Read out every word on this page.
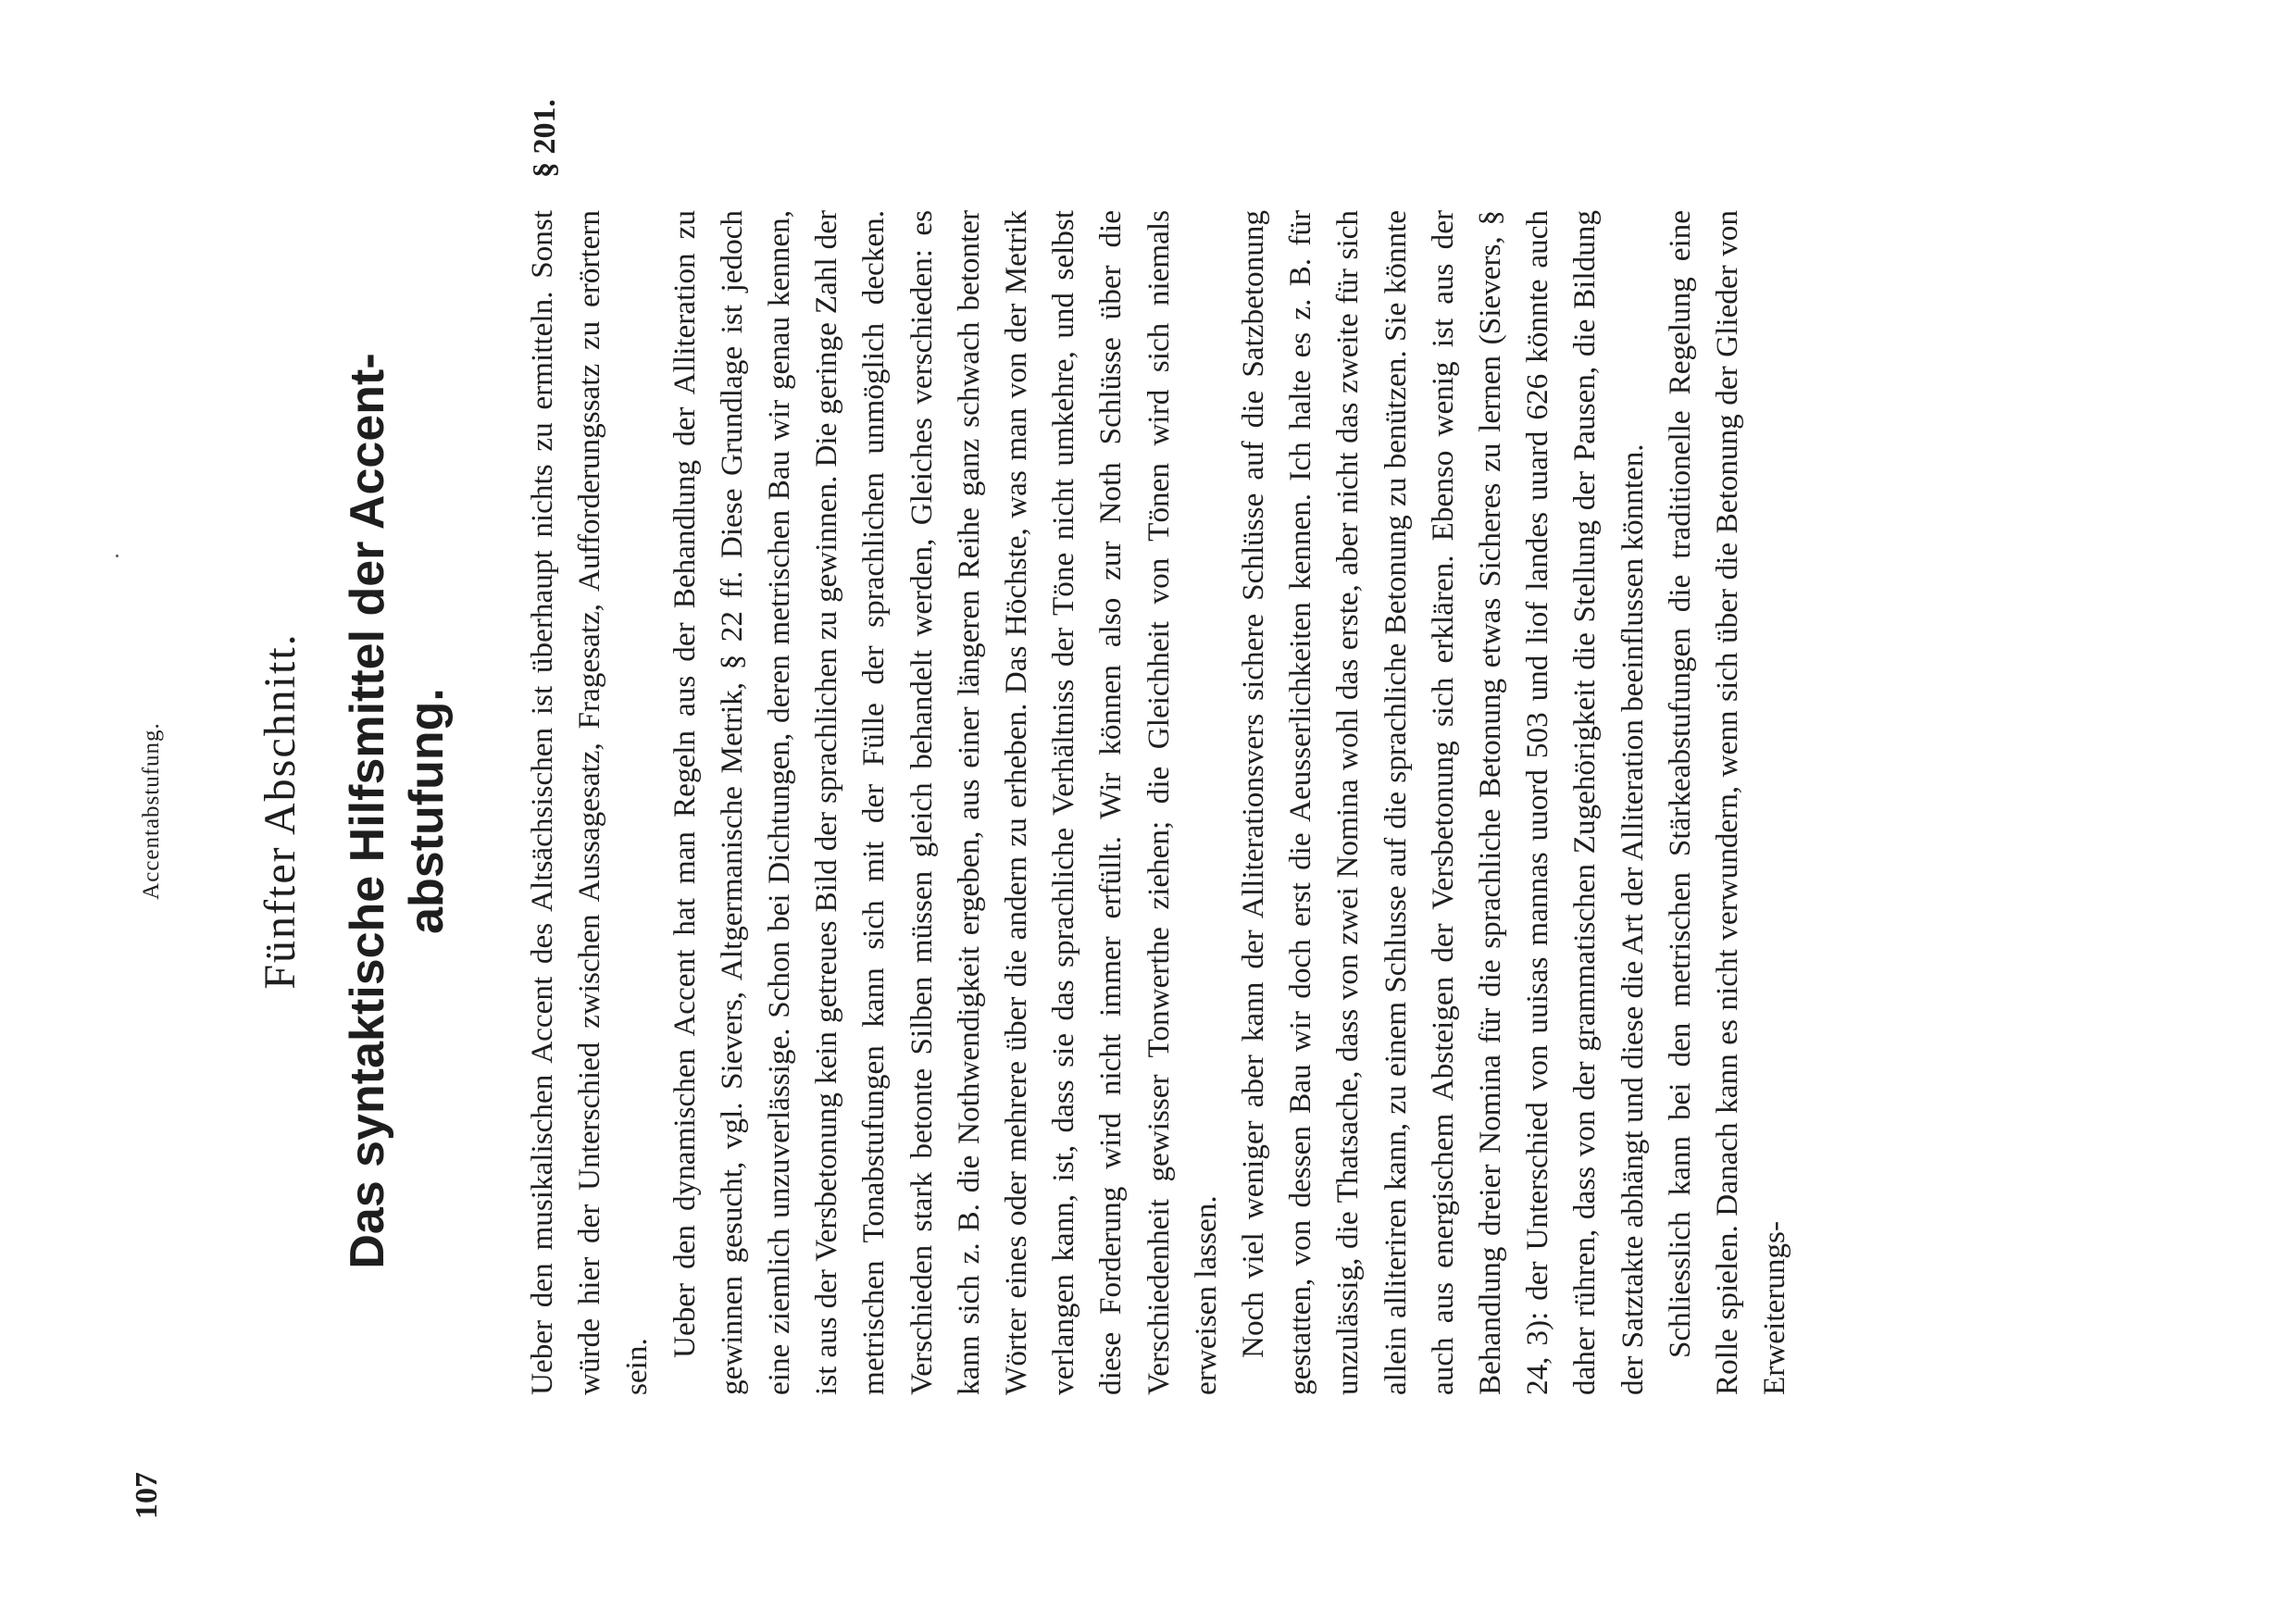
Accentabstufung.
107
Fünfter Abschnitt. Das syntaktische Hilfsmittel der Accent- abstufung.
§ 201.

Ueber den musikalischen Accent des Altsächsischen ist überhaupt nichts zu ermitteln. Sonst würde hier der Unterschied zwischen Aussagesatz, Fragesatz, Aufforderungssatz zu erörtern sein.

Ueber den dynamischen Accent hat man Regeln aus der Behandlung der Alliteration zu gewinnen gesucht, vgl. Sievers, Altgermanische Metrik, § 22 ff. Diese Grundlage ist jedoch eine ziemlich unzuverlässige. Schon bei Dichtungen, deren metrischen Bau wir genau kennen, ist aus der Versbetonung kein getreues Bild der sprachlichen zu gewinnen. Die geringe Zahl der metrischen Tonabstufungen kann sich mit der Fülle der sprachlichen unmöglich decken. Verschieden stark betonte Silben müssen gleich behandelt werden, Gleiches verschieden: es kann sich z. B. die Nothwendigkeit ergeben, aus einer längeren Reihe ganz schwach betonter Wörter eines oder mehrere über die andern zu erheben. Das Höchste, was man von der Metrik verlangen kann, ist, dass sie das sprachliche Verhältniss der Töne nicht umkehre, und selbst diese Forderung wird nicht immer erfüllt. Wir können also zur Noth Schlüsse über die Verschiedenheit gewisser Tonwerthe ziehen; die Gleichheit von Tönen wird sich niemals erweisen lassen. Noch viel weniger aber kann der Alliterationsvers sichere Schlüsse auf die Satzbetonung gestatten, von dessen Bau wir doch erst die Aeusserlichkeiten kennen. Ich halte es z. B. für unzulässig, die Thatsache, dass von zwei Nomina wohl das erste, aber nicht das zweite für sich allein alliteriren kann, zu einem Schlusse auf die sprachliche Betonung zu benützen. Sie könnte auch aus energischem Absteigen der Versbetonung sich erklären. Ebenso wenig ist aus der Behandlung dreier Nomina für die sprachliche Betonung etwas Sicheres zu lernen (Sievers, § 24, 3): der Unterschied von uuisas mannas uuord 503 und liof landes uuard 626 könnte auch daher rühren, dass von der grammatischen Zugehörigkeit die Stellung der Pausen, die Bildung der Satztakte abhängt und diese die Art der Alliteration beeinflussen könnten. Schliesslich kann bei den metrischen Stärkeabstufungen die traditionelle Regelung eine Rolle spielen. Danach kann es nicht verwundern, wenn sich über die Betonung der Glieder von Erweiterungs-
